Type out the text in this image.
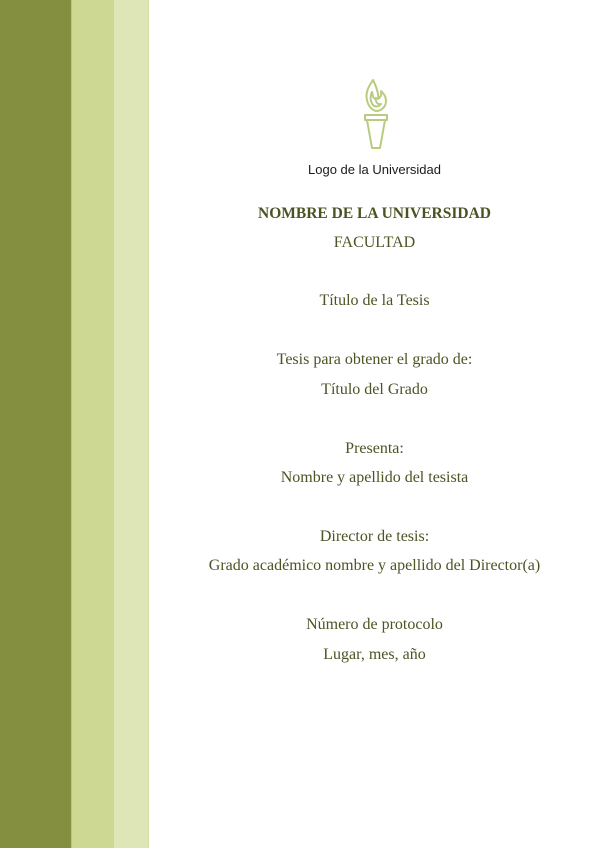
Logo de la Universidad
NOMBRE DE LA UNIVERSIDAD
FACULTAD
Título de la Tesis
Tesis para obtener el grado de:
Título del Grado
Presenta:
Nombre y apellido del tesista
Director de tesis:
Grado académico nombre y apellido del Director(a)
Número de protocolo
Lugar, mes, año
